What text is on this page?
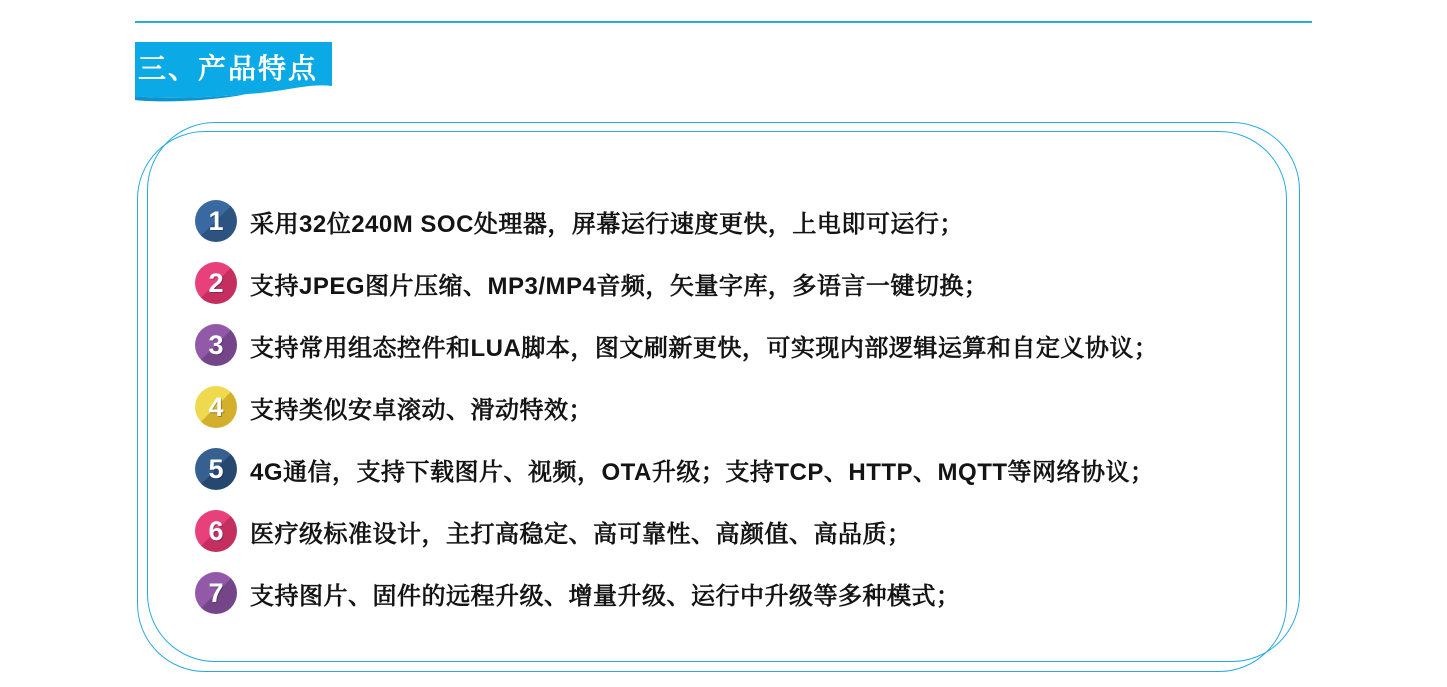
三、产品特点
1	采用32位240M SOC处理器，屏幕运行速度更快，上电即可运行；
2	支持JPEG图片压缩、MP3/MP4音频，矢量字库，多语言一键切换；
3	支持常用组态控件和LUA脚本，图文刷新更快，可实现内部逻辑运算和自定义协议；
4	支持类似安卓滚动、滑动特效；
5	4G通信，支持下载图片、视频，OTA升级；支持TCP、HTTP、MQTT等网络协议；
6	医疗级标准设计，主打高稳定、高可靠性、高颜值、高品质；
7	支持图片、固件的远程升级、增量升级、运行中升级等多种模式；
